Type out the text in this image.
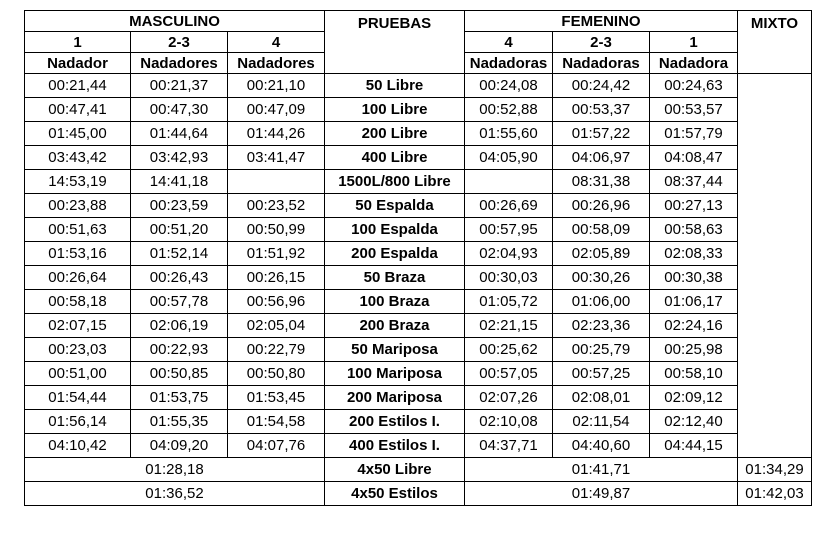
MASCULINO			PRUEBAS	FEMENINO			MIXTO
1	2-3	4		4	2-3	1	
Nadador	Nadadores	Nadadores		Nadadoras	Nadadoras	Nadadora	
00:21,44	00:21,37	00:21,10	50 Libre	00:24,08	00:24,42	00:24,63	
00:47,41	00:47,30	00:47,09	100 Libre	00:52,88	00:53,37	00:53,57	
01:45,00	01:44,64	01:44,26	200 Libre	01:55,60	01:57,22	01:57,79	
03:43,42	03:42,93	03:41,47	400 Libre	04:05,90	04:06,97	04:08,47	
14:53,19	14:41,18		1500L/800 Libre		08:31,38	08:37,44	
00:23,88	00:23,59	00:23,52	50 Espalda	00:26,69	00:26,96	00:27,13	
00:51,63	00:51,20	00:50,99	100 Espalda	00:57,95	00:58,09	00:58,63	
01:53,16	01:52,14	01:51,92	200 Espalda	02:04,93	02:05,89	02:08,33	
00:26,64	00:26,43	00:26,15	50 Braza	00:30,03	00:30,26	00:30,38	
00:58,18	00:57,78	00:56,96	100 Braza	01:05,72	01:06,00	01:06,17	
02:07,15	02:06,19	02:05,04	200 Braza	02:21,15	02:23,36	02:24,16	
00:23,03	00:22,93	00:22,79	50 Mariposa	00:25,62	00:25,79	00:25,98	
00:51,00	00:50,85	00:50,80	100 Mariposa	00:57,05	00:57,25	00:58,10	
01:54,44	01:53,75	01:53,45	200 Mariposa	02:07,26	02:08,01	02:09,12	
01:56,14	01:55,35	01:54,58	200 Estilos I.	02:10,08	02:11,54	02:12,40	
04:10,42	04:09,20	04:07,76	400 Estilos I.	04:37,71	04:40,60	04:44,15	
01:28,18			4x50 Libre	01:41,71			01:34,29
01:36,52			4x50 Estilos	01:49,87			01:42,03
